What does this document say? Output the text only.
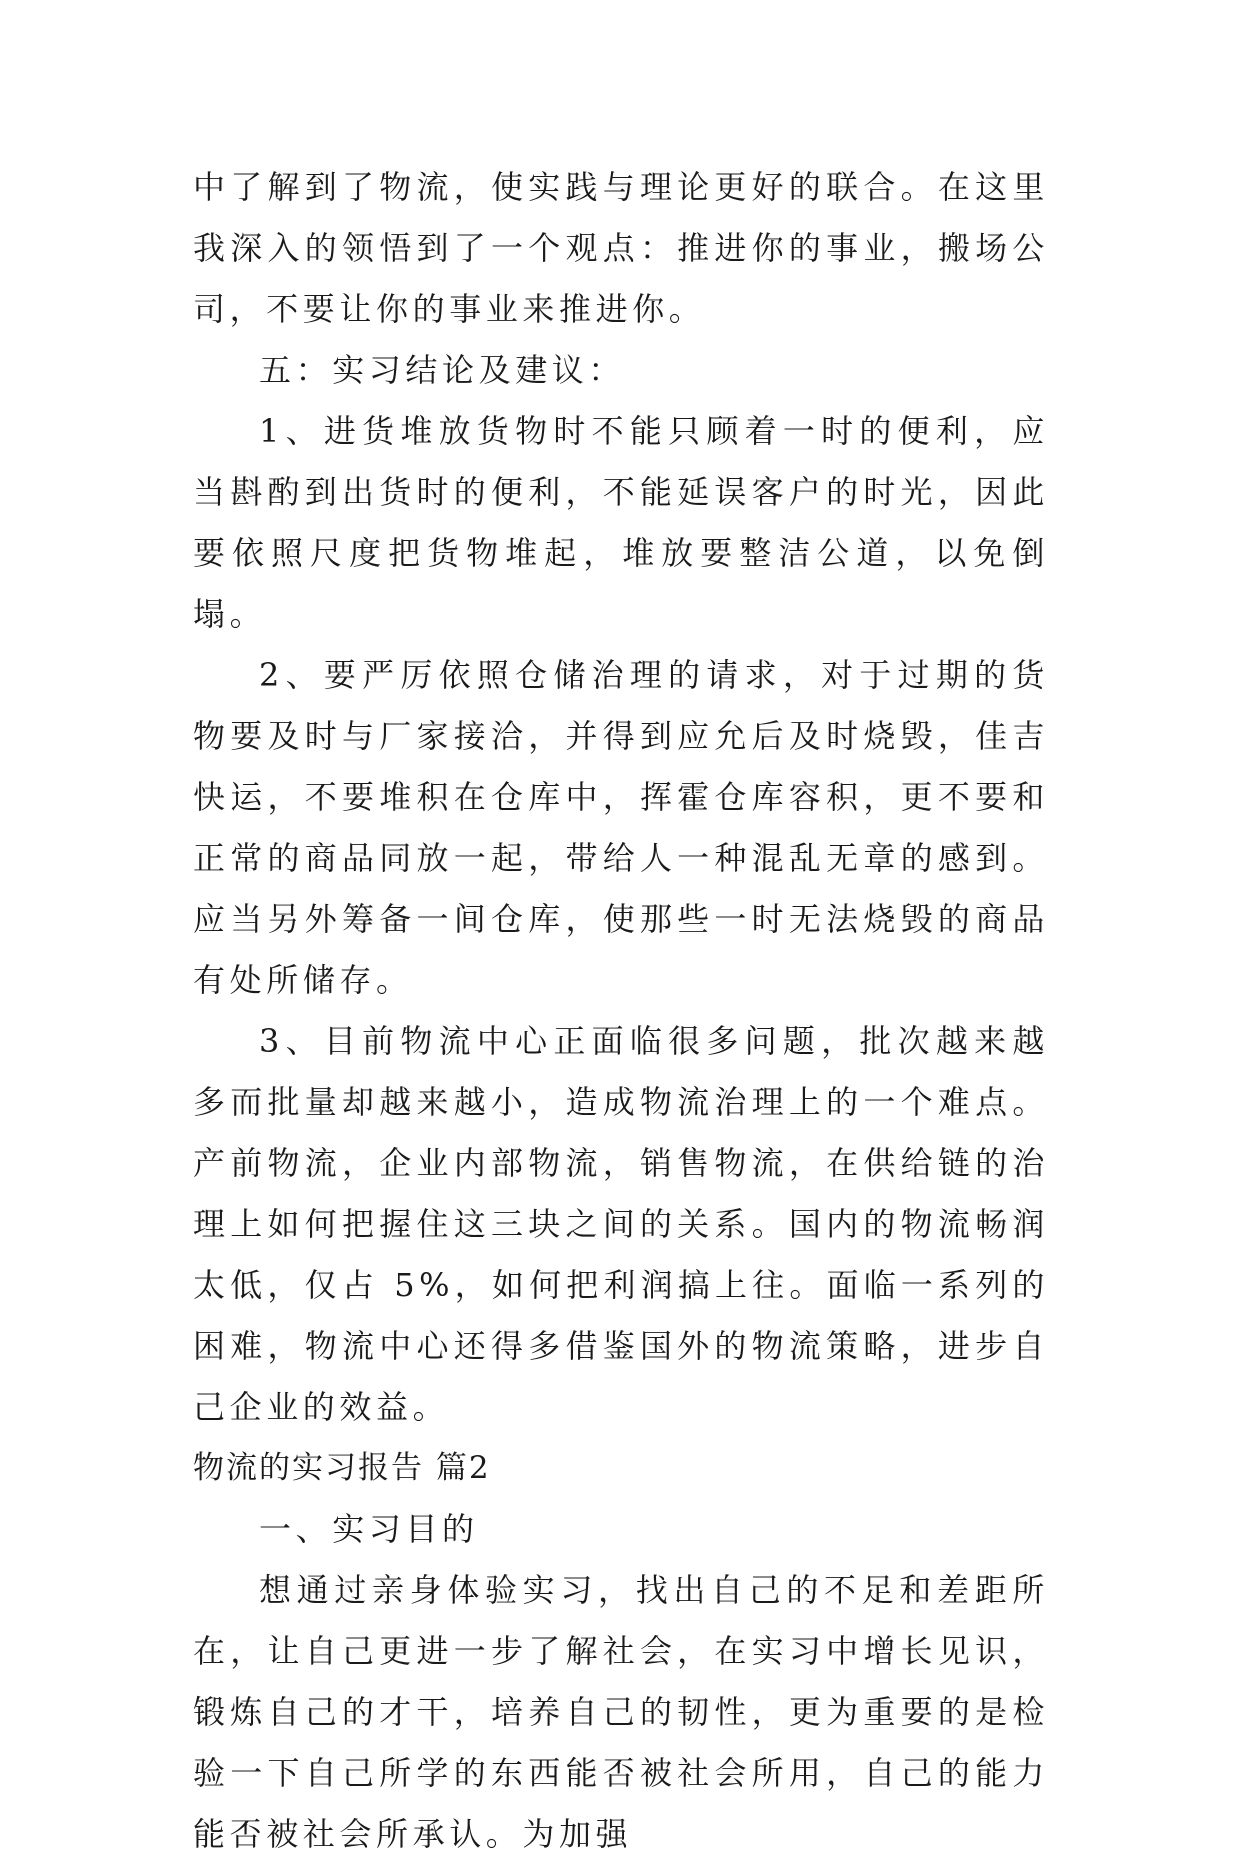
中了解到了物流，使实践与理论更好的联合。在这里我深入的领悟到了一个观点：推进你的事业，搬场公司，不要让你的事业来推进你。

五：实习结论及建议：

1、进货堆放货物时不能只顾着一时的便利，应当斟酌到出货时的便利，不能延误客户的时光，因此要依照尺度把货物堆起，堆放要整洁公道，以免倒塌。

2、要严厉依照仓储治理的请求，对于过期的货物要及时与厂家接洽，并得到应允后及时烧毁，佳吉快运，不要堆积在仓库中，挥霍仓库容积，更不要和正常的商品同放一起，带给人一种混乱无章的感到。应当另外筹备一间仓库，使那些一时无法烧毁的商品有处所储存。

3、目前物流中心正面临很多问题，批次越来越多而批量却越来越小，造成物流治理上的一个难点。产前物流，企业内部物流，销售物流，在供给链的治理上如何把握住这三块之间的关系。国内的物流畅润太低，仅占 5%，如何把利润搞上往。面临一系列的困难，物流中心还得多借鉴国外的物流策略，进步自己企业的效益。

物流的实习报告 篇2

一、实习目的

想通过亲身体验实习，找出自己的不足和差距所在，让自己更进一步了解社会，在实习中增长见识，锻炼自己的才干，培养自己的韧性，更为重要的是检验一下自己所学的东西能否被社会所用，自己的能力能否被社会所承认。为加强
